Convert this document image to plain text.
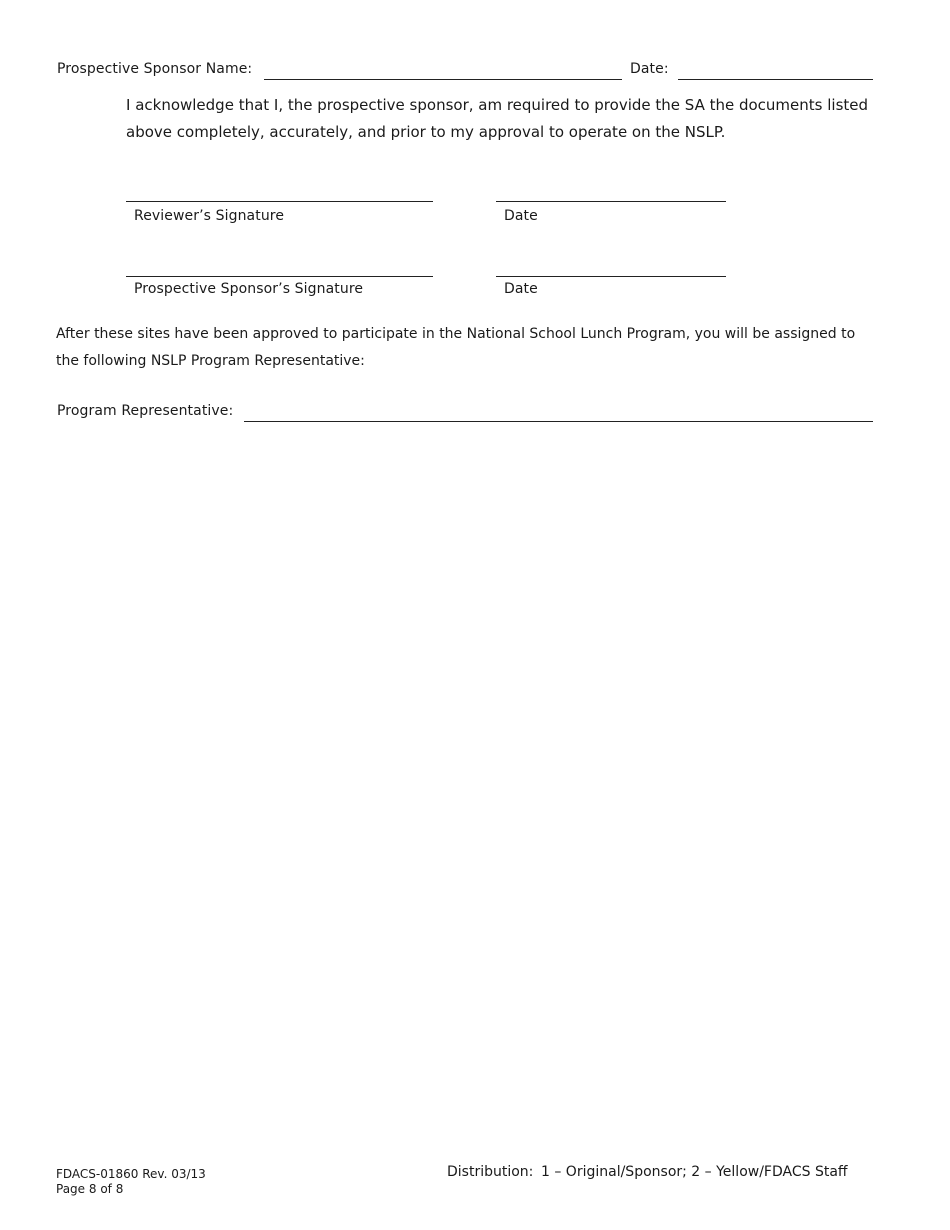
Prospective Sponsor Name:	Date:
I acknowledge that I, the prospective sponsor, am required to provide the SA the documents listed above completely, accurately, and prior to my approval to operate on the NSLP.
Reviewer’s Signature	Date
Prospective Sponsor’s Signature	Date
After these sites have been approved to participate in the National School Lunch Program, you will be assigned to the following NSLP Program Representative:
Program Representative:
FDACS-01860 Rev. 03/13
Page 8 of 8
Distribution: 1 – Original/Sponsor; 2 – Yellow/FDACS Staff
